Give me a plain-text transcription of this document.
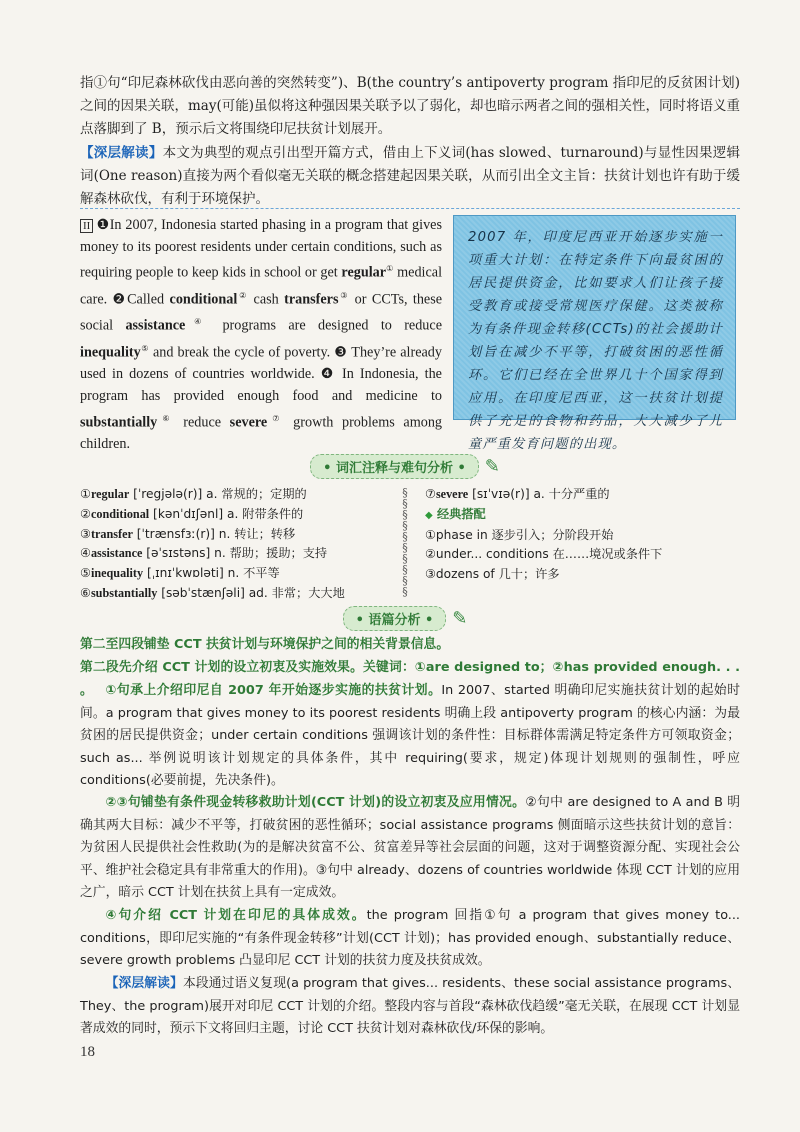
指①句“印尼森林砍伐由恶向善的突然转变”)、B(the country’s antipoverty program 指印尼的反贫困计划)之间的因果关联，may(可能)虽似将这种强因果关联予以了弱化，却也暗示两者之间的强相关性，同时将语义重点落脚到了 B，预示后文将围绕印尼扶贫计划展开。

【深层解读】本文为典型的观点引出型开篇方式，借由上下义词(has slowed、turnaround)与显性因果逻辑词(One reason)直接为两个看似毫无关联的概念搭建起因果关联，从而引出全文主旨：扶贫计划也许有助于缓解森林砍伐，有利于环境保护。

II ❶In 2007, Indonesia started phasing in a program that gives money to its poorest residents under certain conditions, such as requiring people to keep kids in school or get regular① medical care. ❷Called conditional② cash transfers③ or CCTs, these social assistance④ programs are designed to reduce inequality⑤ and break the cycle of poverty. ❸ They’re already used in dozens of countries worldwide. ❹ In Indonesia, the program has provided enough food and medicine to substantially⑥ reduce severe⑦ growth problems among children.

2007 年，印度尼西亚开始逐步实施一项重大计划：在特定条件下向最贫困的居民提供资金，比如要求人们让孩子接受教育或接受常规医疗保健。这类被称为有条件现金转移(CCTs)的社会援助计划旨在减少不平等，打破贫困的恶性循环。它们已经在全世界几十个国家得到应用。在印度尼西亚，这一扶贫计划提供了充足的食物和药品，大大减少了儿童严重发育问题的出现。
• 词汇注释与难句分析 •	✎
①regular [ˈregjələ(r)] a. 常规的；定期的
②conditional [kənˈdɪʃənl] a. 附带条件的
③transfer [ˈtrænsfɜː(r)] n. 转让；转移
④assistance [əˈsɪstəns] n. 帮助；援助；支持
⑤inequality [ˌɪnɪˈkwɒləti] n. 不平等
⑥substantially [səbˈstænʃəli] ad. 非常；大大地
§
§
§
§
§
§
§
§
§
§
⑦severe [sɪˈvɪə(r)] a. 十分严重的
◆ 经典搭配
①phase in 逐步引入；分阶段开始
②under... conditions 在……境况或条件下
③dozens of 几十；许多
• 语篇分析 •	✎

第二至四段铺垫 CCT 扶贫计划与环境保护之间的相关背景信息。

第二段先介绍 CCT 计划的设立初衷及实施效果。关键词：①are designed to；②has provided enough. . . 。 ①句承上介绍印尼自 2007 年开始逐步实施的扶贫计划。In 2007、started 明确印尼实施扶贫计划的起始时间。a program that gives money to its poorest residents 明确上段 antipoverty program 的核心内涵：为最贫困的居民提供资金；under certain conditions 强调该计划的条件性：目标群体需满足特定条件方可领取资金；such as... 举例说明该计划规定的具体条件，其中 requiring(要求，规定)体现计划规则的强制性，呼应 conditions(必要前提，先决条件)。

②③句铺垫有条件现金转移救助计划(CCT 计划)的设立初衷及应用情况。②句中 are designed to A and B 明确其两大目标：减少不平等，打破贫困的恶性循环；social assistance programs 侧面暗示这些扶贫计划的意旨：为贫困人民提供社会性救助(为的是解决贫富不公、贫富差异等社会层面的问题，这对于调整资源分配、实现社会公平、维护社会稳定具有非常重大的作用)。③句中 already、dozens of countries worldwide 体现 CCT 计划的应用之广，暗示 CCT 计划在扶贫上具有一定成效。

④句介绍 CCT 计划在印尼的具体成效。the program 回指①句 a program that gives money to... conditions，即印尼实施的“有条件现金转移”计划(CCT 计划)；has provided enough、substantially reduce、severe growth problems 凸显印尼 CCT 计划的扶贫力度及扶贫成效。

【深层解读】本段通过语义复现(a program that gives... residents、these social assistance programs、They、the program)展开对印尼 CCT 计划的介绍。整段内容与首段“森林砍伐趋缓”毫无关联，在展现 CCT 计划显著成效的同时，预示下文将回归主题，讨论 CCT 扶贫计划对森林砍伐/环保的影响。

18
